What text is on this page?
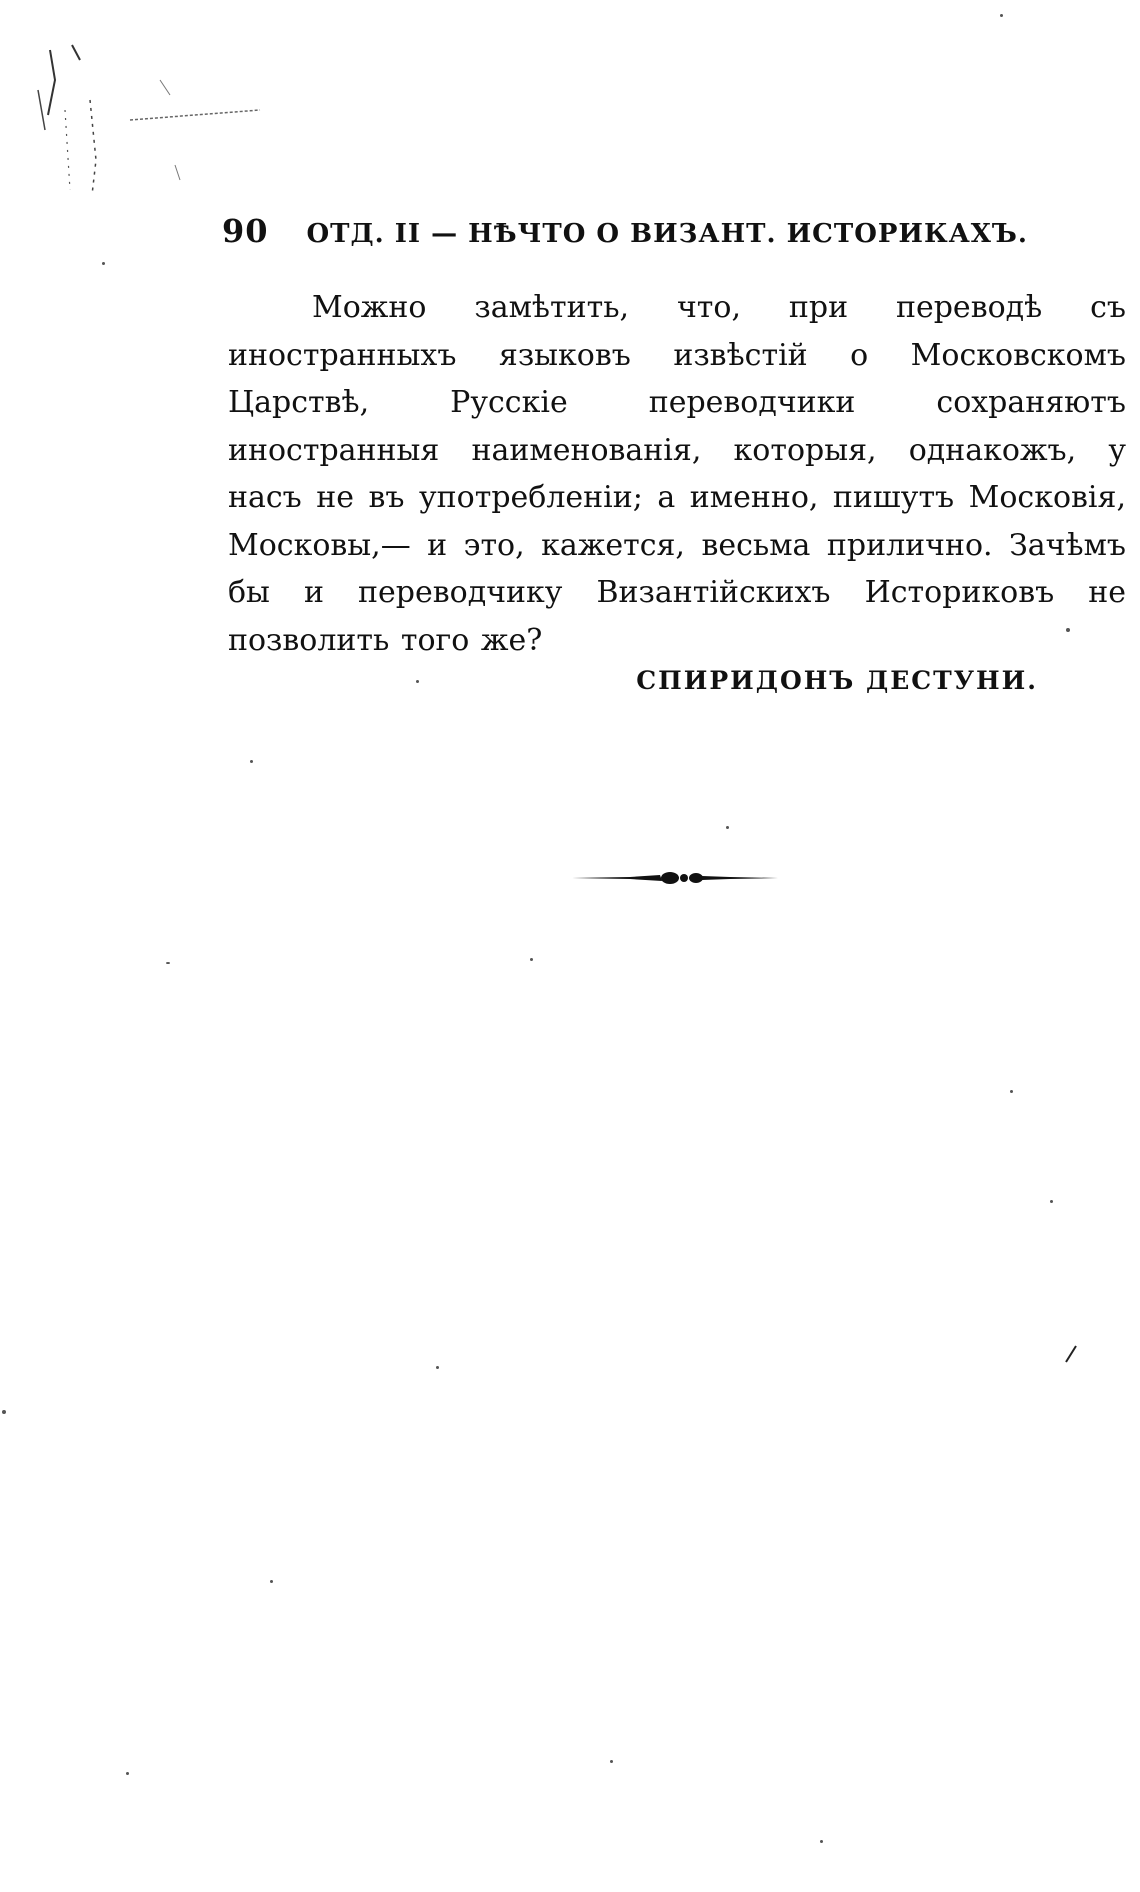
90 ОТД. II — НѢЧТО О ВИЗАНТ. ИСТОРИКАХЪ.
Можно замѣтить, что, при переводѣ съ иностранныхъ языковъ извѣстій о Московскомъ Царствѣ, Русскіе переводчики сохраняютъ иностранныя наименованія, которыя, однакожъ, у насъ не въ употребленіи; а именно, пишутъ Московія, Московы,— и это, кажется, весьма прилично. Зачѣмъ бы и переводчику Византійскихъ Историковъ не позволить того же?
СПИРИДОНЪ ДЕСТУНИ.
